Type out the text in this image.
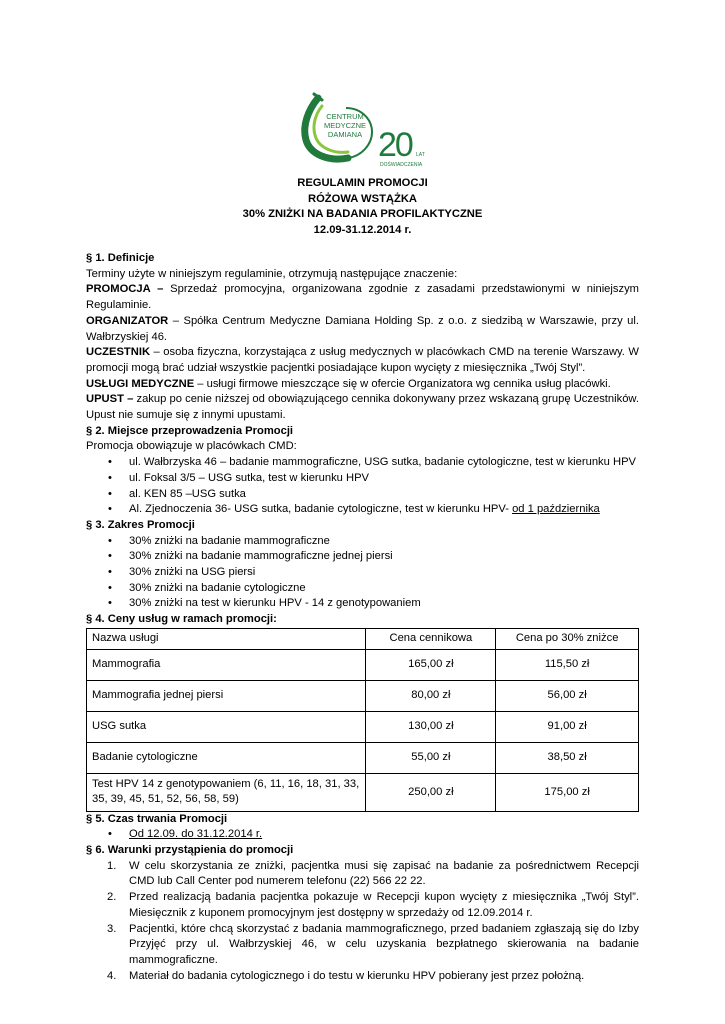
CENTRUM
MEDYCZNE
DAMIANA 20 LAT
DOŚWIADCZENIA
REGULAMIN PROMOCJI
RÓŻOWA WSTĄŻKA
30% ZNIŻKI NA BADANIA PROFILAKTYCZNE
12.09-31.12.2014 r.

§ 1. Definicje

Terminy użyte w niniejszym regulaminie, otrzymują następujące znaczenie:

PROMOCJA – Sprzedaż promocyjna, organizowana zgodnie z zasadami przedstawionymi w niniejszym Regulaminie.

ORGANIZATOR – Spółka Centrum Medyczne Damiana Holding Sp. z o.o. z siedzibą w Warszawie, przy ul. Wałbrzyskiej 46.

UCZESTNIK – osoba fizyczna, korzystająca z usług medycznych w placówkach CMD na terenie Warszawy. W promocji mogą brać udział wszystkie pacjentki posiadające kupon wycięty z miesięcznika „Twój Styl”.

USŁUGI MEDYCZNE – usługi firmowe mieszczące się w ofercie Organizatora wg cennika usług placówki.

UPUST – zakup po cenie niższej od obowiązującego cennika dokonywany przez wskazaną grupę Uczestników. Upust nie sumuje się z innymi upustami.

§ 2. Miejsce przeprowadzenia Promocji

Promocja obowiązuje w placówkach CMD:

• ul. Wałbrzyska 46 – badanie mammograficzne, USG sutka, badanie cytologiczne, test w kierunku HPV
• ul. Foksal 3/5 – USG sutka, test w kierunku HPV
• al. KEN 85 –USG sutka
• Al. Zjednoczenia 36- USG sutka, badanie cytologiczne, test w kierunku HPV- od 1 października

§ 3. Zakres Promocji

• 30% zniżki na badanie mammograficzne
• 30% zniżki na badanie mammograficzne jednej piersi
• 30% zniżki na USG piersi
• 30% zniżki na badanie cytologiczne
• 30% zniżki na test w kierunku HPV - 14 z genotypowaniem

§ 4. Ceny usług w ramach promocji:

Nazwa usługi	Cena cennikowa	Cena po 30% zniżce
Mammografia	165,00 zł	115,50 zł
Mammografia jednej piersi	80,00 zł	56,00 zł
USG sutka	130,00 zł	91,00 zł
Badanie cytologiczne	55,00 zł	38,50 zł
Test HPV 14 z genotypowaniem (6, 11, 16, 18, 31, 33, 35, 39, 45, 51, 52, 56, 58, 59)	250,00 zł	175,00 zł

§ 5. Czas trwania Promocji

• Od 12.09. do 31.12.2014 r.

§ 6. Warunki przystąpienia do promocji

1. W celu skorzystania ze zniżki, pacjentka musi się zapisać na badanie za pośrednictwem Recepcji CMD lub Call Center pod numerem telefonu (22) 566 22 22.
2. Przed realizacją badania pacjentka pokazuje w Recepcji kupon wycięty z miesięcznika „Twój Styl”. Miesięcznik z kuponem promocyjnym jest dostępny w sprzedaży od 12.09.2014 r.
3. Pacjentki, które chcą skorzystać z badania mammograficznego, przed badaniem zgłaszają się do Izby Przyjęć przy ul. Wałbrzyskiej 46, w celu uzyskania bezpłatnego skierowania na badanie mammograficzne.
4. Materiał do badania cytologicznego i do testu w kierunku HPV pobierany jest przez położną.
